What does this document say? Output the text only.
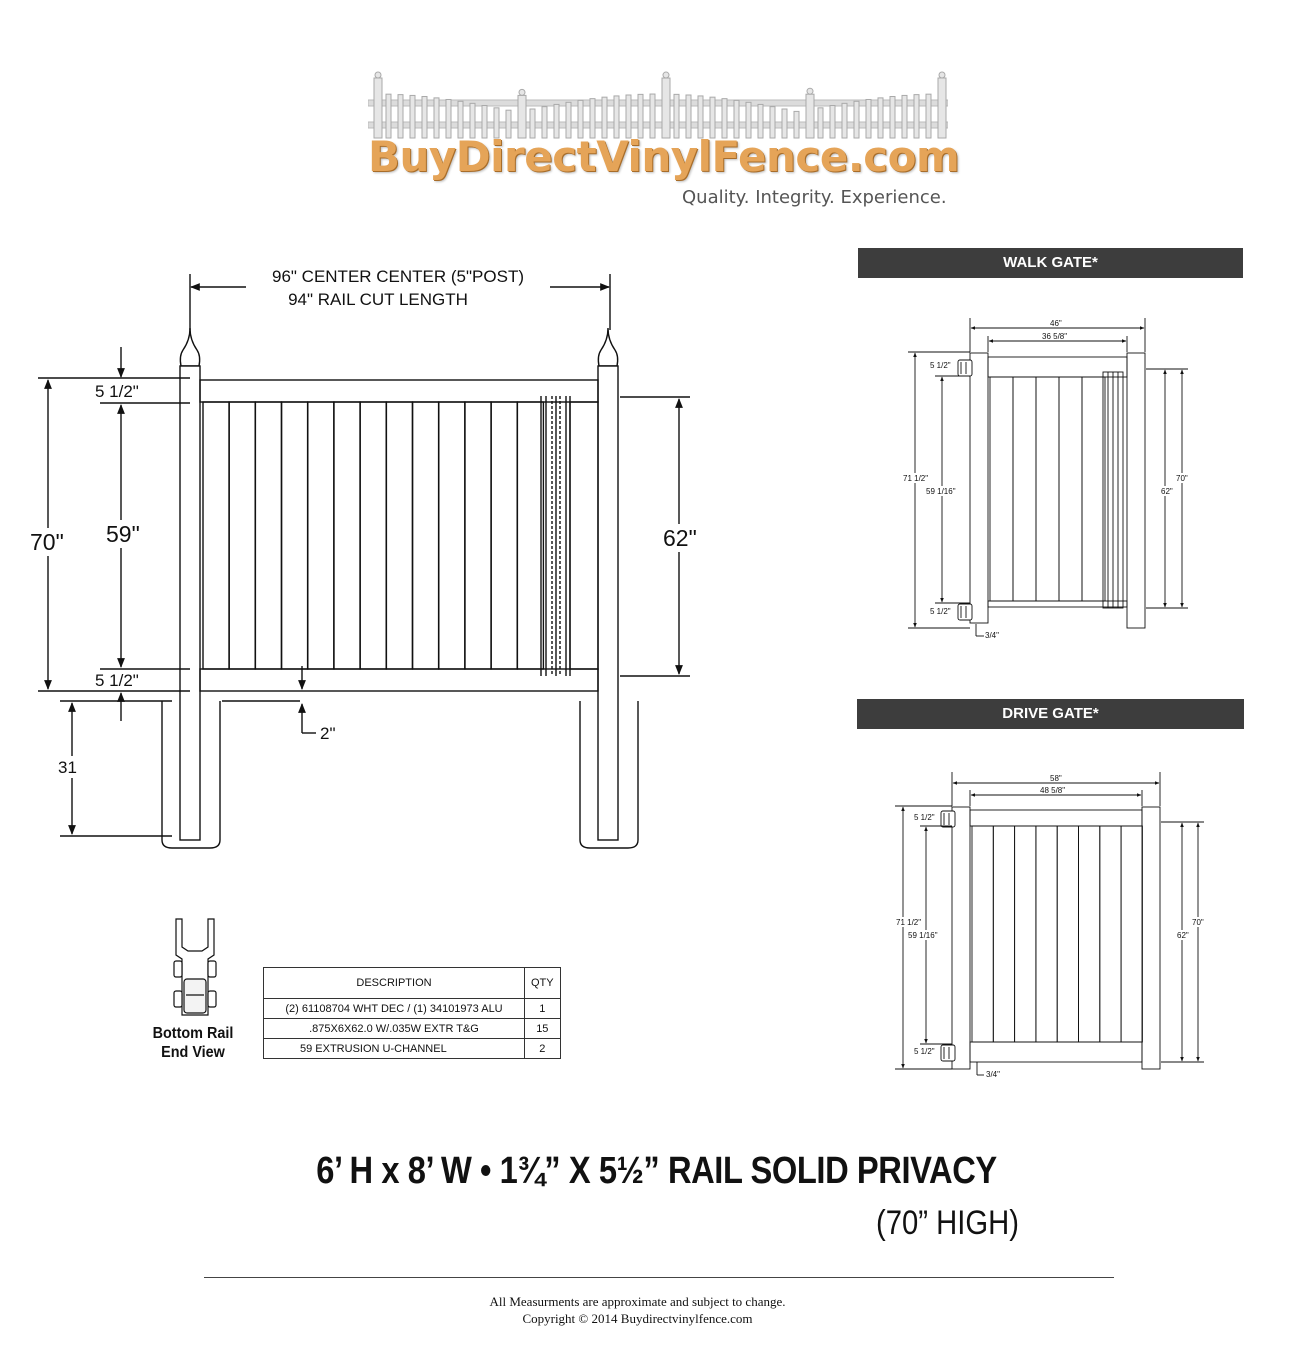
BuyDirectVinylFence.com
Quality. Integrity. Experience.
96" CENTER CENTER (5"POST)
94" RAIL CUT LENGTH
5 1/2"
5 1/2"
70" 59"	62"
2"
31
WALK GATE*
46"
36 5/8"
5 1/2"
5 1/2"
71 1/2"
59 1/16"
70"
62"
3/4"
DRIVE GATE*
58"
48 5/8"
5 1/2"
5 1/2"
71 1/2"
59 1/16"
70"
62"
3/4"
Bottom Rail
End View
DESCRIPTION	QTY
(2) 61108704 WHT DEC / (1) 34101973 ALU	1
.875X6X62.0 W/.035W EXTR T&G	15
59 EXTRUSION U-CHANNEL	2
6’ H x 8’ W • 1¾” X 5½” RAIL SOLID PRIVACY
(70” HIGH)
All Measurments are approximate and subject to change.
Copyright © 2014 Buydirectvinylfence.com
